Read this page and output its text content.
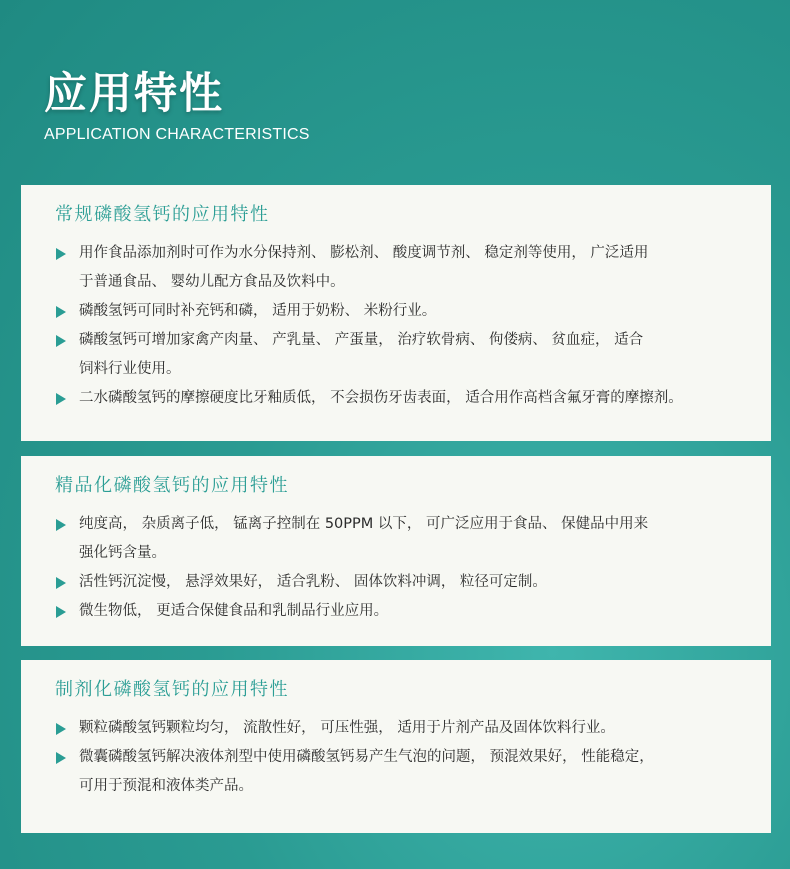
应用特性
APPLICATION CHARACTERISTICS
常规磷酸氢钙的应用特性
用作食品添加剂时可作为水分保持剂、 膨松剂、 酸度调节剂、 稳定剂等使用， 广泛适用
于普通食品、 婴幼儿配方食品及饮料中。
磷酸氢钙可同时补充钙和磷， 适用于奶粉、 米粉行业。
磷酸氢钙可增加家禽产肉量、 产乳量、 产蛋量， 治疗软骨病、 佝偻病、 贫血症， 适合
饲料行业使用。
二水磷酸氢钙的摩擦硬度比牙釉质低， 不会损伤牙齿表面， 适合用作高档含氟牙膏的摩擦剂。
精品化磷酸氢钙的应用特性
纯度高， 杂质离子低， 锰离子控制在 50PPM 以下， 可广泛应用于食品、 保健品中用来
强化钙含量。
活性钙沉淀慢， 悬浮效果好， 适合乳粉、 固体饮料冲调， 粒径可定制。
微生物低， 更适合保健食品和乳制品行业应用。
制剂化磷酸氢钙的应用特性
颗粒磷酸氢钙颗粒均匀， 流散性好， 可压性强， 适用于片剂产品及固体饮料行业。
微囊磷酸氢钙解决液体剂型中使用磷酸氢钙易产生气泡的问题， 预混效果好， 性能稳定，
可用于预混和液体类产品。
